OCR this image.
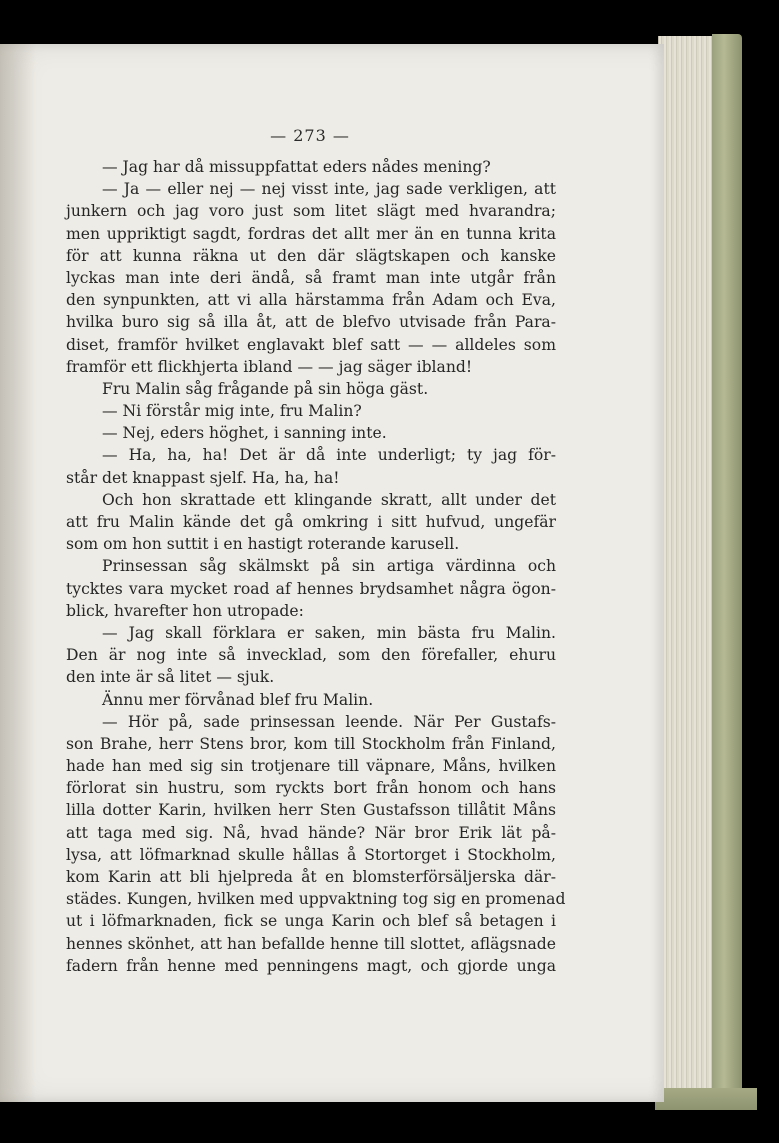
— 273 —
— Jag har då missuppfattat eders nådes mening?
— Ja — eller nej — nej visst inte, jag sade verkligen, att
junkern och jag voro just som litet slägt med hvarandra;
men uppriktigt sagdt, fordras det allt mer än en tunna krita
för att kunna räkna ut den där slägtskapen och kanske
lyckas man inte deri ändå, så framt man inte utgår från
den synpunkten, att vi alla härstamma från Adam och Eva,
hvilka buro sig så illa åt, att de blefvo utvisade från Para-
diset, framför hvilket englavakt blef satt — — alldeles som
framför ett flickhjerta ibland — — jag säger ibland!
Fru Malin såg frågande på sin höga gäst.
— Ni förstår mig inte, fru Malin?
— Nej, eders höghet, i sanning inte.
— Ha, ha, ha! Det är då inte underligt; ty jag för-
står det knappast sjelf. Ha, ha, ha!
Och hon skrattade ett klingande skratt, allt under det
att fru Malin kände det gå omkring i sitt hufvud, ungefär
som om hon suttit i en hastigt roterande karusell.
Prinsessan såg skälmskt på sin artiga värdinna och
tycktes vara mycket road af hennes brydsamhet några ögon-
blick, hvarefter hon utropade:
— Jag skall förklara er saken, min bästa fru Malin.
Den är nog inte så invecklad, som den förefaller, ehuru
den inte är så litet — sjuk.
Ännu mer förvånad blef fru Malin.
— Hör på, sade prinsessan leende. När Per Gustafs-
son Brahe, herr Stens bror, kom till Stockholm från Finland,
hade han med sig sin trotjenare till väpnare, Måns, hvilken
förlorat sin hustru, som ryckts bort från honom och hans
lilla dotter Karin, hvilken herr Sten Gustafsson tillåtit Måns
att taga med sig. Nå, hvad hände? När bror Erik lät på-
lysa, att löfmarknad skulle hållas å Stortorget i Stockholm,
kom Karin att bli hjelpreda åt en blomsterförsäljerska där-
städes. Kungen, hvilken med uppvaktning tog sig en promenad
ut i löfmarknaden, fick se unga Karin och blef så betagen i
hennes skönhet, att han befallde henne till slottet, aflägsnade
fadern från henne med penningens magt, och gjorde unga
